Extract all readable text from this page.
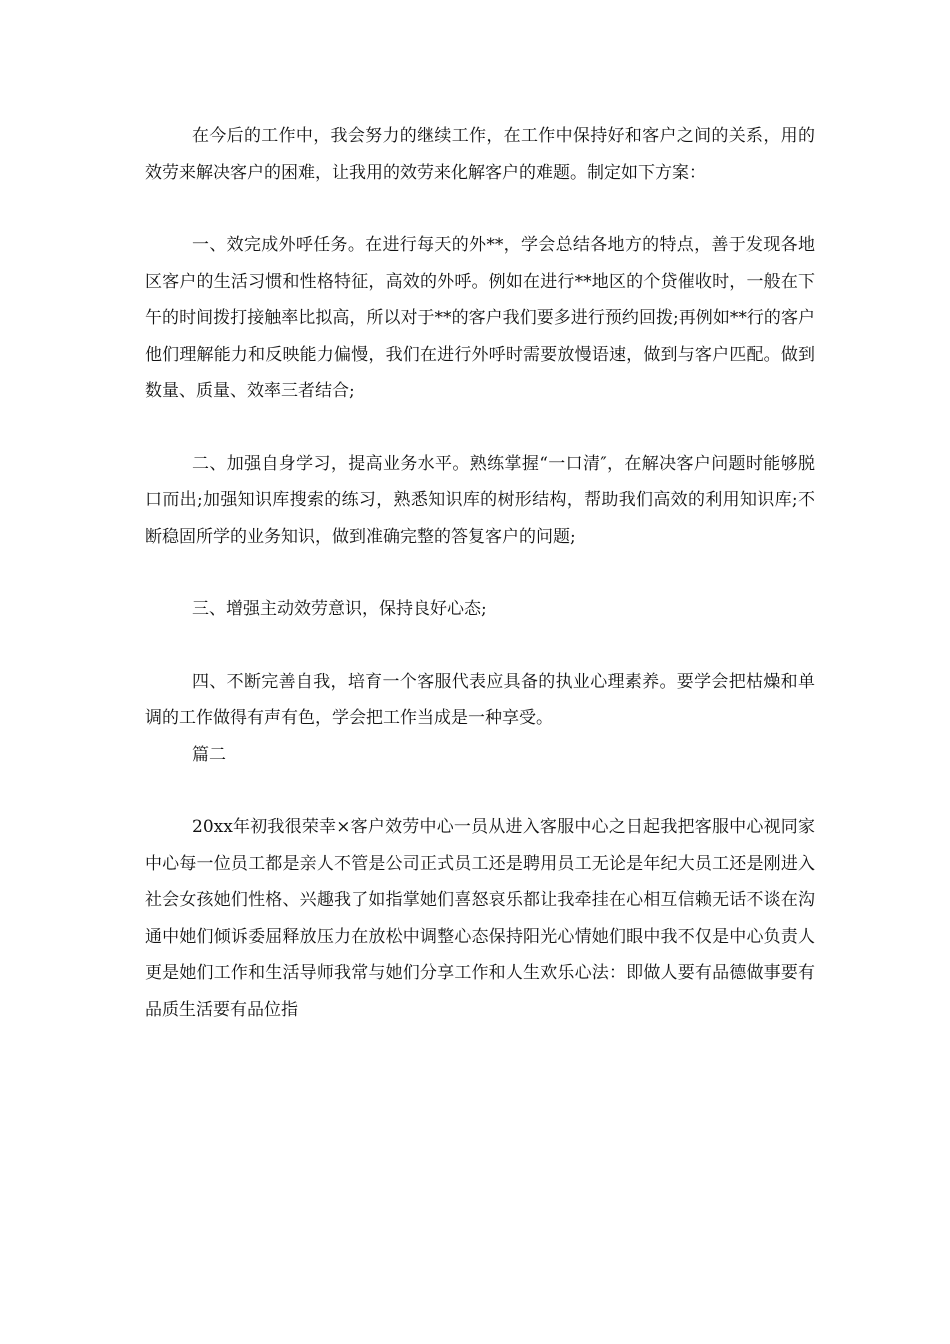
在今后的工作中，我会努力的继续工作，在工作中保持好和客户之间的关系，用的效劳来解决客户的困难，让我用的效劳来化解客户的难题。制定如下方案：

一、效完成外呼任务。在进行每天的外**，学会总结各地方的特点，善于发现各地区客户的生活习惯和性格特征，高效的外呼。例如在进行**地区的个贷催收时，一般在下午的时间拨打接触率比拟高，所以对于**的客户我们要多进行预约回拨;再例如**行的客户他们理解能力和反映能力偏慢，我们在进行外呼时需要放慢语速，做到与客户匹配。做到数量、质量、效率三者结合;

二、加强自身学习，提高业务水平。熟练掌握“一口清″，在解决客户问题时能够脱口而出;加强知识库搜索的练习，熟悉知识库的树形结构，帮助我们高效的利用知识库;不断稳固所学的业务知识，做到准确完整的答复客户的问题;

三、增强主动效劳意识，保持良好心态;

四、不断完善自我，培育一个客服代表应具备的执业心理素养。要学会把枯燥和单调的工作做得有声有色，学会把工作当成是一种享受。

篇二

20xx年初我很荣幸×客户效劳中心一员从进入客服中心之日起我把客服中心视同家中心每一位员工都是亲人不管是公司正式员工还是聘用员工无论是年纪大员工还是刚进入社会女孩她们性格、兴趣我了如指掌她们喜怒哀乐都让我牵挂在心相互信赖无话不谈在沟通中她们倾诉委屈释放压力在放松中调整心态保持阳光心情她们眼中我不仅是中心负责人更是她们工作和生活导师我常与她们分享工作和人生欢乐心法：即做人要有品德做事要有品质生活要有品位指
